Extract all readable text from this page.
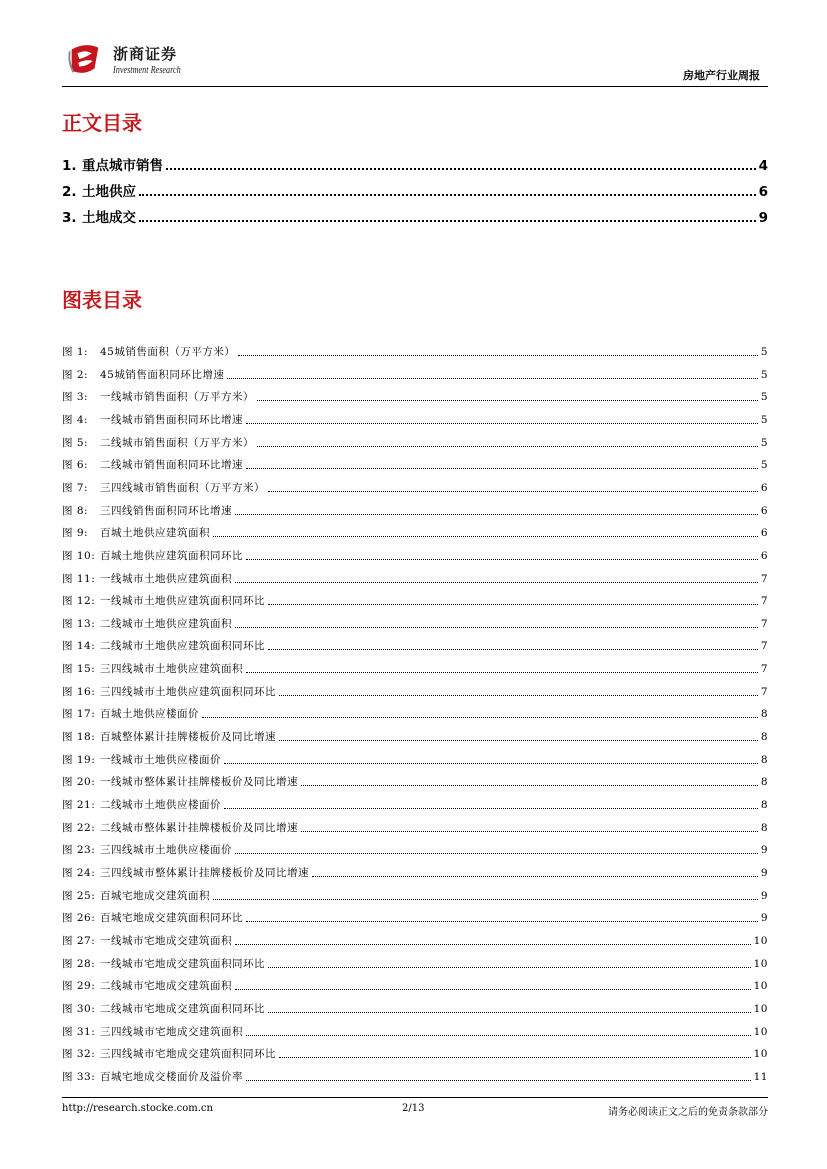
浙商证券
Investment Research	房地产行业周报
正文目录
1. 重点城市销售	4
2. 土地供应	6
3. 土地成交	9
图表目录
图 1:	45城销售面积（万平方米）	5
图 2:	45城销售面积同环比增速	5
图 3:	一线城市销售面积（万平方米）	5
图 4:	一线城市销售面积同环比增速	5
图 5:	二线城市销售面积（万平方米）	5
图 6:	二线城市销售面积同环比增速	5
图 7:	三四线城市销售面积（万平方米）	6
图 8:	三四线销售面积同环比增速	6
图 9:	百城土地供应建筑面积	6
图 10: 百城土地供应建筑面积同环比	6
图 11: 一线城市土地供应建筑面积	7
图 12: 一线城市土地供应建筑面积同环比	7
图 13: 二线城市土地供应建筑面积	7
图 14: 二线城市土地供应建筑面积同环比	7
图 15: 三四线城市土地供应建筑面积	7
图 16: 三四线城市土地供应建筑面积同环比	7
图 17: 百城土地供应楼面价	8
图 18: 百城整体累计挂牌楼板价及同比增速	8
图 19: 一线城市土地供应楼面价	8
图 20: 一线城市整体累计挂牌楼板价及同比增速	8
图 21: 二线城市土地供应楼面价	8
图 22: 二线城市整体累计挂牌楼板价及同比增速	8
图 23: 三四线城市土地供应楼面价	9
图 24: 三四线城市整体累计挂牌楼板价及同比增速	9
图 25: 百城宅地成交建筑面积	9
图 26: 百城宅地成交建筑面积同环比	9
图 27: 一线城市宅地成交建筑面积	10
图 28: 一线城市宅地成交建筑面积同环比	10
图 29: 二线城市宅地成交建筑面积	10
图 30: 二线城市宅地成交建筑面积同环比	10
图 31: 三四线城市宅地成交建筑面积	10
图 32: 三四线城市宅地成交建筑面积同环比	10
图 33: 百城宅地成交楼面价及溢价率	11
http://research.stocke.com.cn	2/13	请务必阅读正文之后的免责条款部分
